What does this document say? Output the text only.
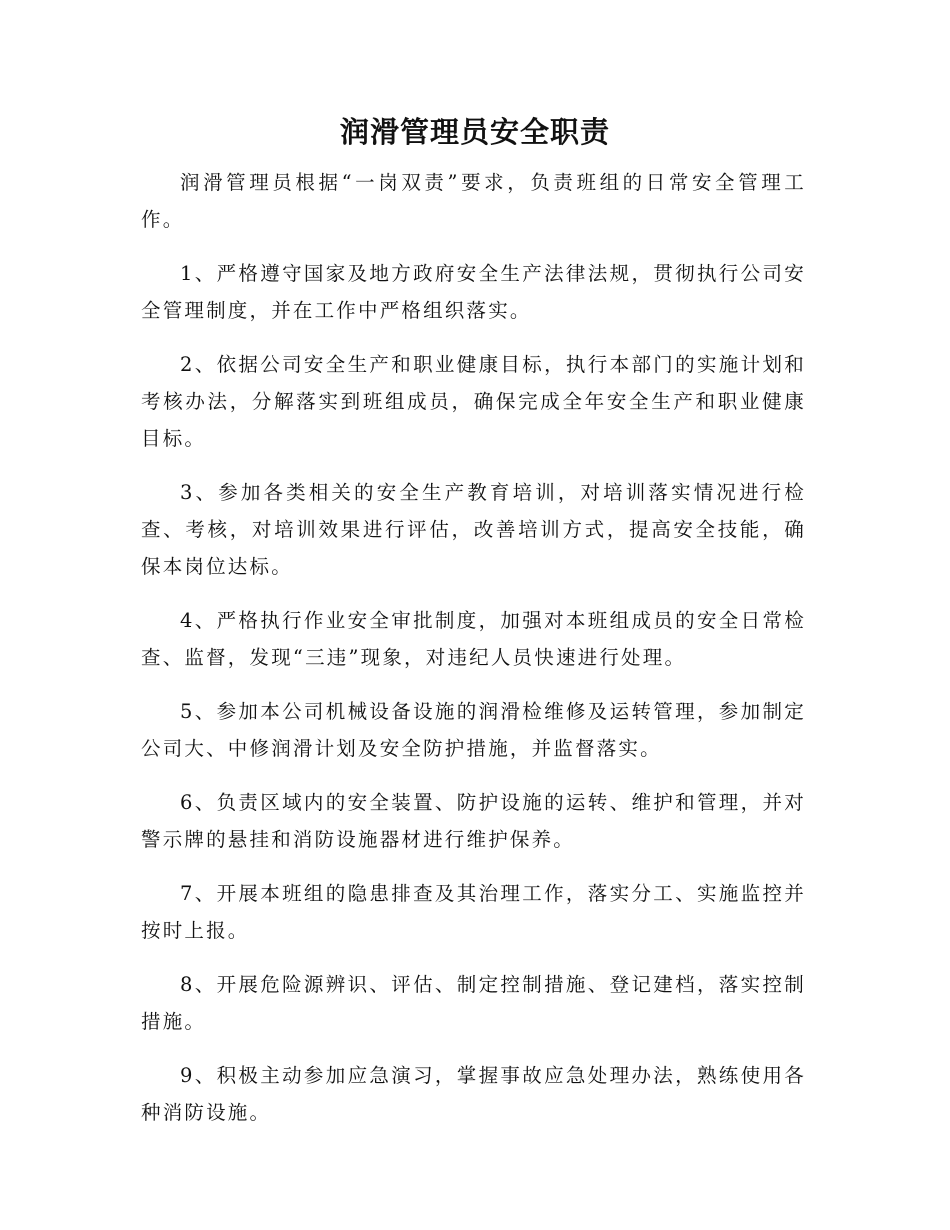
润滑管理员安全职责

润滑管理员根据“一岗双责”要求，负责班组的日常安全管理工作。

1、严格遵守国家及地方政府安全生产法律法规，贯彻执行公司安全管理制度，并在工作中严格组织落实。

2、依据公司安全生产和职业健康目标，执行本部门的实施计划和考核办法，分解落实到班组成员，确保完成全年安全生产和职业健康目标。

3、参加各类相关的安全生产教育培训，对培训落实情况进行检查、考核，对培训效果进行评估，改善培训方式，提高安全技能，确保本岗位达标。

4、严格执行作业安全审批制度，加强对本班组成员的安全日常检查、监督，发现“三违”现象，对违纪人员快速进行处理。

5、参加本公司机械设备设施的润滑检维修及运转管理，参加制定公司大、中修润滑计划及安全防护措施，并监督落实。

6、负责区域内的安全装置、防护设施的运转、维护和管理，并对警示牌的悬挂和消防设施器材进行维护保养。

7、开展本班组的隐患排查及其治理工作，落实分工、实施监控并按时上报。

8、开展危险源辨识、评估、制定控制措施、登记建档，落实控制措施。

9、积极主动参加应急演习，掌握事故应急处理办法，熟练使用各种消防设施。
